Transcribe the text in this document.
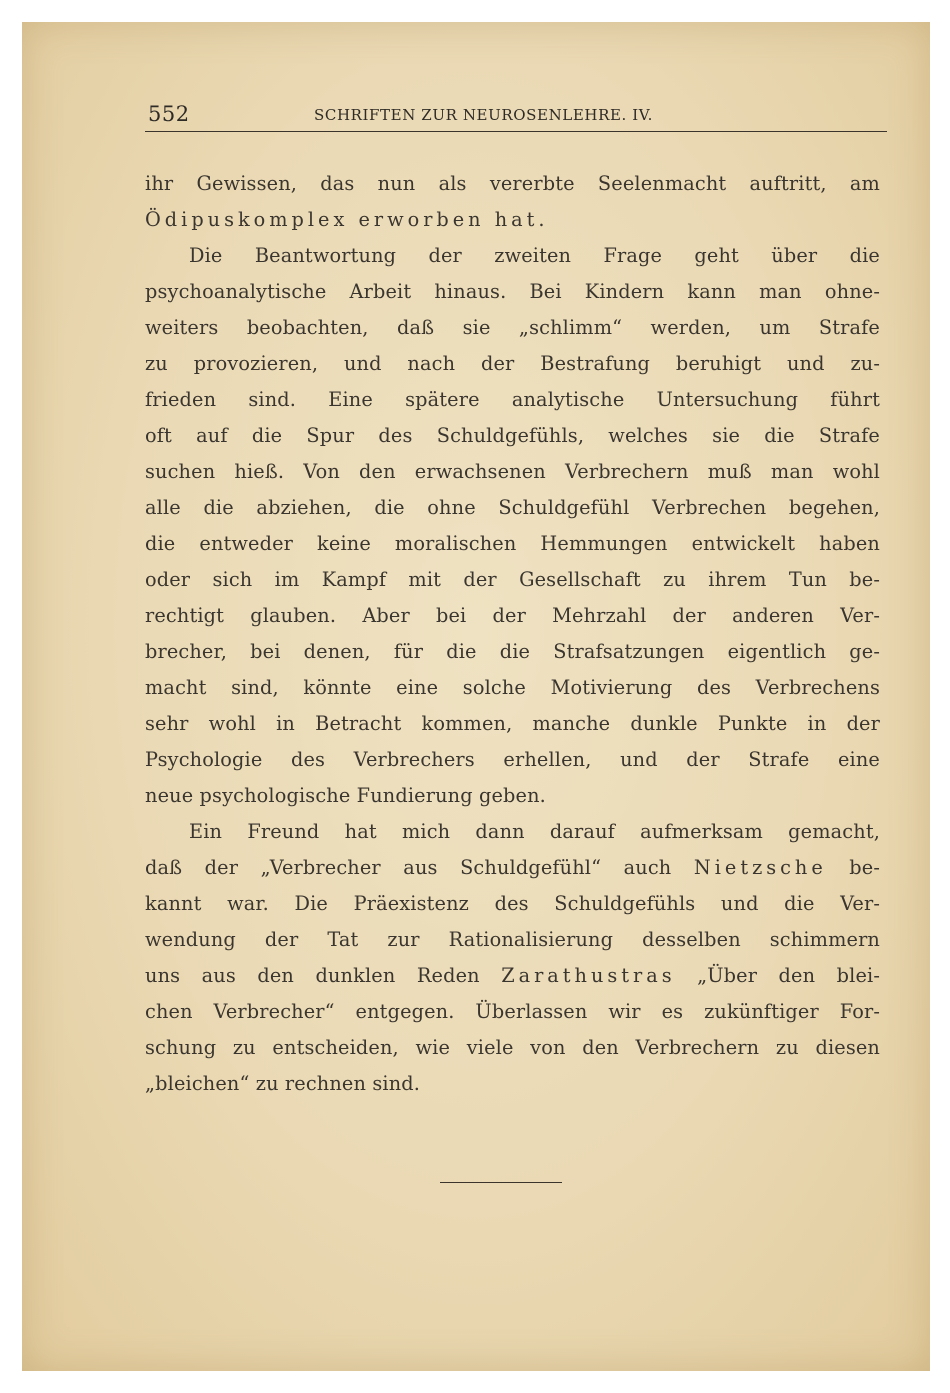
552	SCHRIFTEN ZUR NEUROSENLEHRE. IV.
ihr Gewissen, das nun als vererbte Seelenmacht auftritt, am
Ödipuskomplex erworben hat.
Die Beantwortung der zweiten Frage geht über die
psychoanalytische Arbeit hinaus. Bei Kindern kann man ohne-
weiters beobachten, daß sie „schlimm“ werden, um Strafe
zu provozieren, und nach der Bestrafung beruhigt und zu-
frieden sind. Eine spätere analytische Untersuchung führt
oft auf die Spur des Schuldgefühls, welches sie die Strafe
suchen hieß. Von den erwachsenen Verbrechern muß man wohl
alle die abziehen, die ohne Schuldgefühl Verbrechen begehen,
die entweder keine moralischen Hemmungen entwickelt haben
oder sich im Kampf mit der Gesellschaft zu ihrem Tun be-
rechtigt glauben. Aber bei der Mehrzahl der anderen Ver-
brecher, bei denen, für die die Strafsatzungen eigentlich ge-
macht sind, könnte eine solche Motivierung des Verbrechens
sehr wohl in Betracht kommen, manche dunkle Punkte in der
Psychologie des Verbrechers erhellen, und der Strafe eine
neue psychologische Fundierung geben.
Ein Freund hat mich dann darauf aufmerksam gemacht,
daß der „Verbrecher aus Schuldgefühl“ auch Nietzsche be-
kannt war. Die Präexistenz des Schuldgefühls und die Ver-
wendung der Tat zur Rationalisierung desselben schimmern
uns aus den dunklen Reden Zarathustras „Über den blei-
chen Verbrecher“ entgegen. Überlassen wir es zukünftiger For-
schung zu entscheiden, wie viele von den Verbrechern zu diesen
„bleichen“ zu rechnen sind.
